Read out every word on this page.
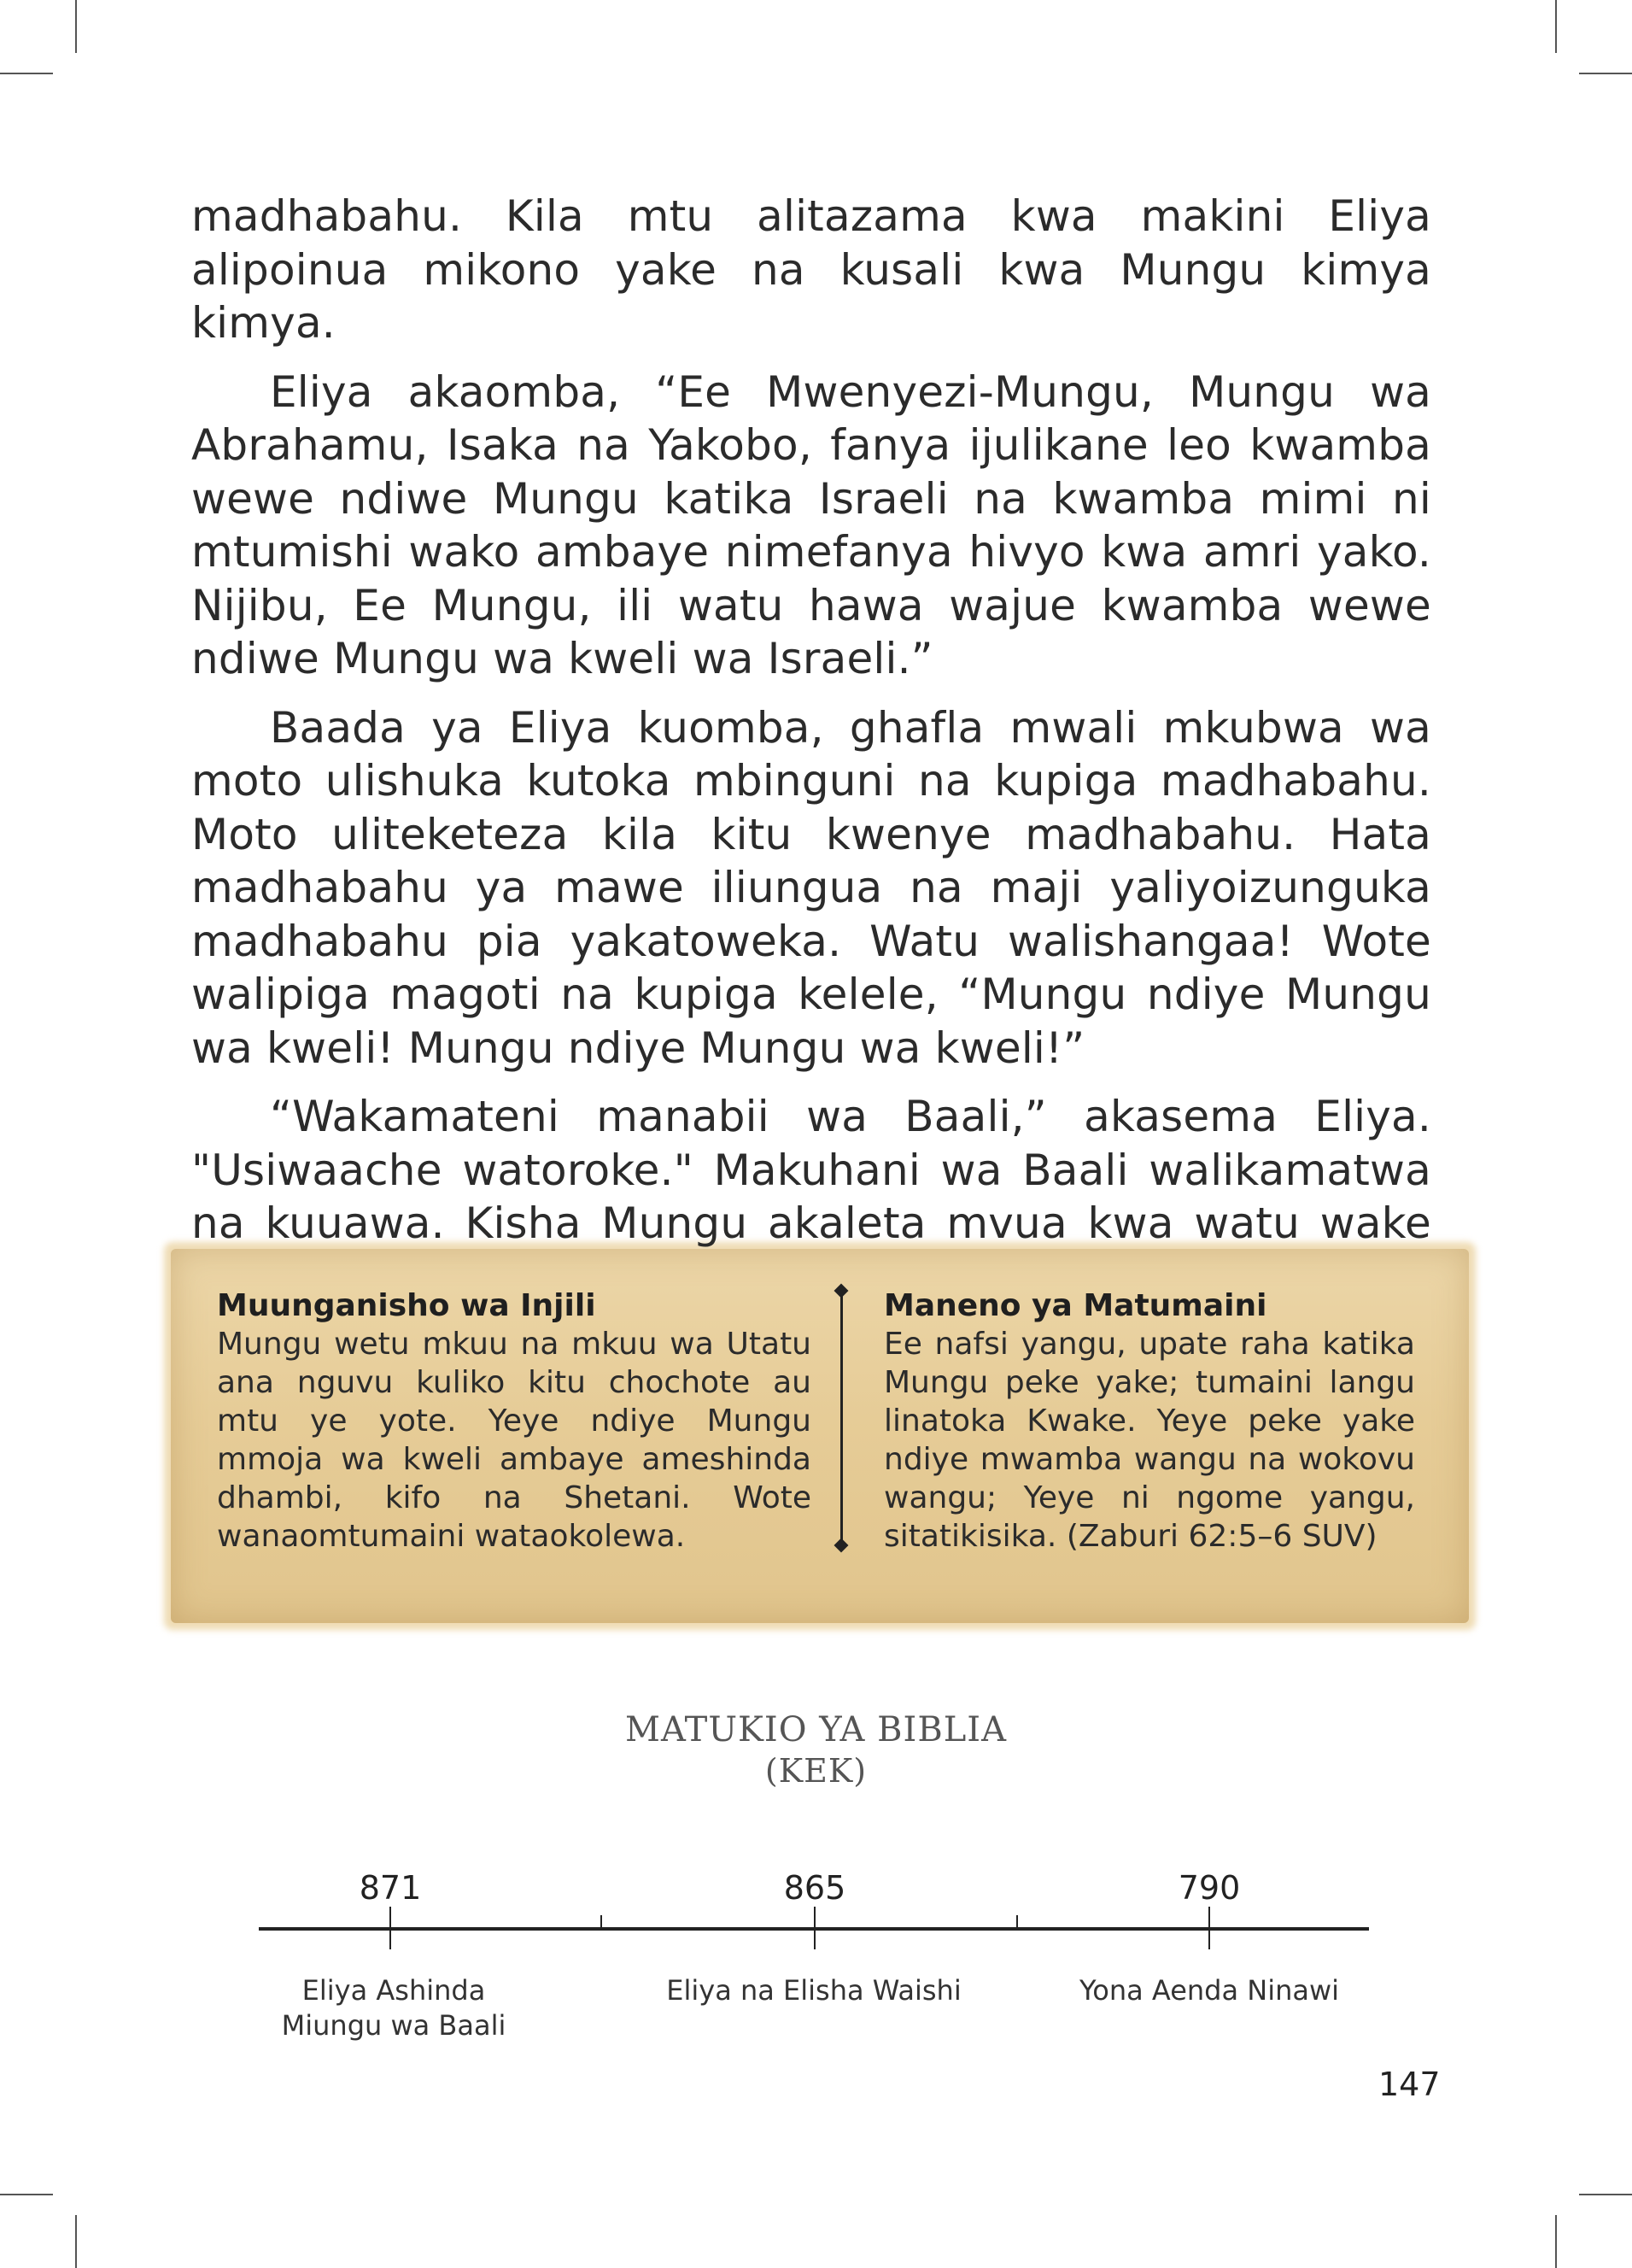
madhabahu. Kila mtu alitazama kwa makini Eliya alipoinua mikono yake na kusali kwa Mungu kimya kimya.

Eliya akaomba, “Ee Mwenyezi-Mungu, Mungu wa Abrahamu, Isaka na Yakobo, fanya ijulikane leo kwamba wewe ndiwe Mungu katika Israeli na kwamba mimi ni mtumishi wako ambaye nimefanya hivyo kwa amri yako. Nijibu, Ee Mungu, ili watu hawa wajue kwamba wewe ndiwe Mungu wa kweli wa Israeli.”

Baada ya Eliya kuomba, ghafla mwali mkubwa wa moto ulishuka kutoka mbinguni na kupiga madhabahu. Moto uliteketeza kila kitu kwenye madhabahu. Hata madhabahu ya mawe iliungua na maji yaliyoizunguka madhabahu pia yakatoweka. Watu walishangaa! Wote walipiga magoti na kupiga kelele, “Mungu ndiye Mungu wa kweli! Mungu ndiye Mungu wa kweli!”

“Wakamateni manabii wa Baali,” akasema Eliya. "Usiwaache watoroke." Makuhani wa Baali walikamatwa na kuuawa. Kisha Mungu akaleta mvua kwa watu wake

Muunganisho wa Injili

Mungu wetu mkuu na mkuu wa Utatu ana nguvu kuliko kitu chochote au mtu ye yote. Yeye ndiye Mungu mmoja wa kweli ambaye ameshinda dhambi, kifo na Shetani. Wote wanaomtumaini wataokolewa.

Maneno ya Matumaini

Ee nafsi yangu, upate raha katika Mungu peke yake; tumaini langu linatoka Kwake. Yeye peke yake ndiye mwamba wangu na wokovu wangu; Yeye ni ngome yangu, sitatikisika. (Zaburi 62:5–6 SUV)

MATUKIO YA BIBLIA
(KEK)
871	865	790
Eliya Ashinda Miungu wa Baali
Eliya na Elisha Waishi	Yona Aenda Ninawi
147
